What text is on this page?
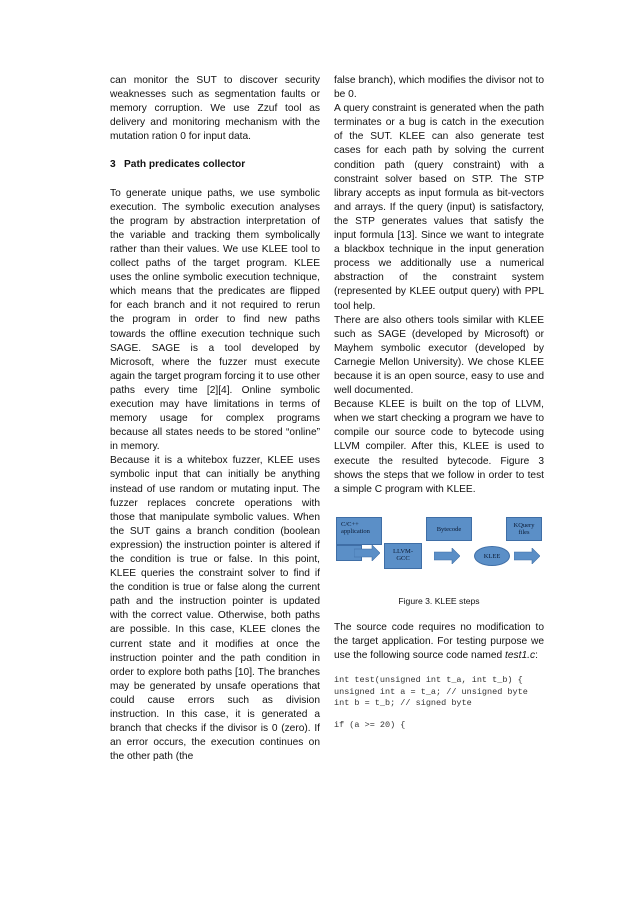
can monitor the SUT to discover security weaknesses such as segmentation faults or memory corruption. We use Zzuf tool as delivery and monitoring mechanism with the mutation ration 0 for input data.

3 Path predicates collector

To generate unique paths, we use symbolic execution. The symbolic execution analyses the program by abstraction interpretation of the variable and tracking them symbolically rather than their values. We use KLEE tool to collect paths of the target program. KLEE uses the online symbolic execution technique, which means that the predicates are flipped for each branch and it not required to rerun the program in order to find new paths towards the offline execution technique such SAGE. SAGE is a tool developed by Microsoft, where the fuzzer must execute again the target program forcing it to use other paths every time [2][4]. Online symbolic execution may have limitations in terms of memory usage for complex programs because all states needs to be stored “online” in memory.

Because it is a whitebox fuzzer, KLEE uses symbolic input that can initially be anything instead of use random or mutating input. The fuzzer replaces concrete operations with those that manipulate symbolic values. When the SUT gains a branch condition (boolean expression) the instruction pointer is altered if the condition is true or false. In this point, KLEE queries the constraint solver to find if the condition is true or false along the current path and the instruction pointer is updated with the correct value. Otherwise, both paths are possible. In this case, KLEE clones the current state and it modifies at once the instruction pointer and the path condition in order to explore both paths [10]. The branches may be generated by unsafe operations that could cause errors such as division instruction. In this case, it is generated a branch that checks if the divisor is 0 (zero). If an error occurs, the execution continues on the other path (the

false branch), which modifies the divisor not to be 0.

A query constraint is generated when the path terminates or a bug is catch in the execution of the SUT. KLEE can also generate test cases for each path by solving the current condition path (query constraint) with a constraint solver based on STP. The STP library accepts as input formula as bit-vectors and arrays. If the query (input) is satisfactory, the STP generates values that satisfy the input formula [13]. Since we want to integrate a blackbox technique in the input generation process we additionally use a numerical abstraction of the constraint system (represented by KLEE output query) with PPL tool help.

There are also others tools similar with KLEE such as SAGE (developed by Microsoft) or Mayhem symbolic executor (developed by Carnegie Mellon University). We chose KLEE because it is an open source, easy to use and well documented.

Because KLEE is built on the top of LLVM, when we start checking a program we have to compile our source code to bytecode using LLVM compiler. After this, KLEE is used to execute the resulted bytecode. Figure 3 shows the steps that we follow in order to test a simple C program with KLEE.

C/C++
application
LLVM-
GCC
Bytecode
KLEE
KQuery
files
Figure 3. KLEE steps

The source code requires no modification to the target application. For testing purpose we use the following source code named test1.c:

int test(unsigned int t_a, int t_b) {
unsigned int a = t_a; // unsigned byte
int b = t_b; // signed byte
if (a >= 20) {
